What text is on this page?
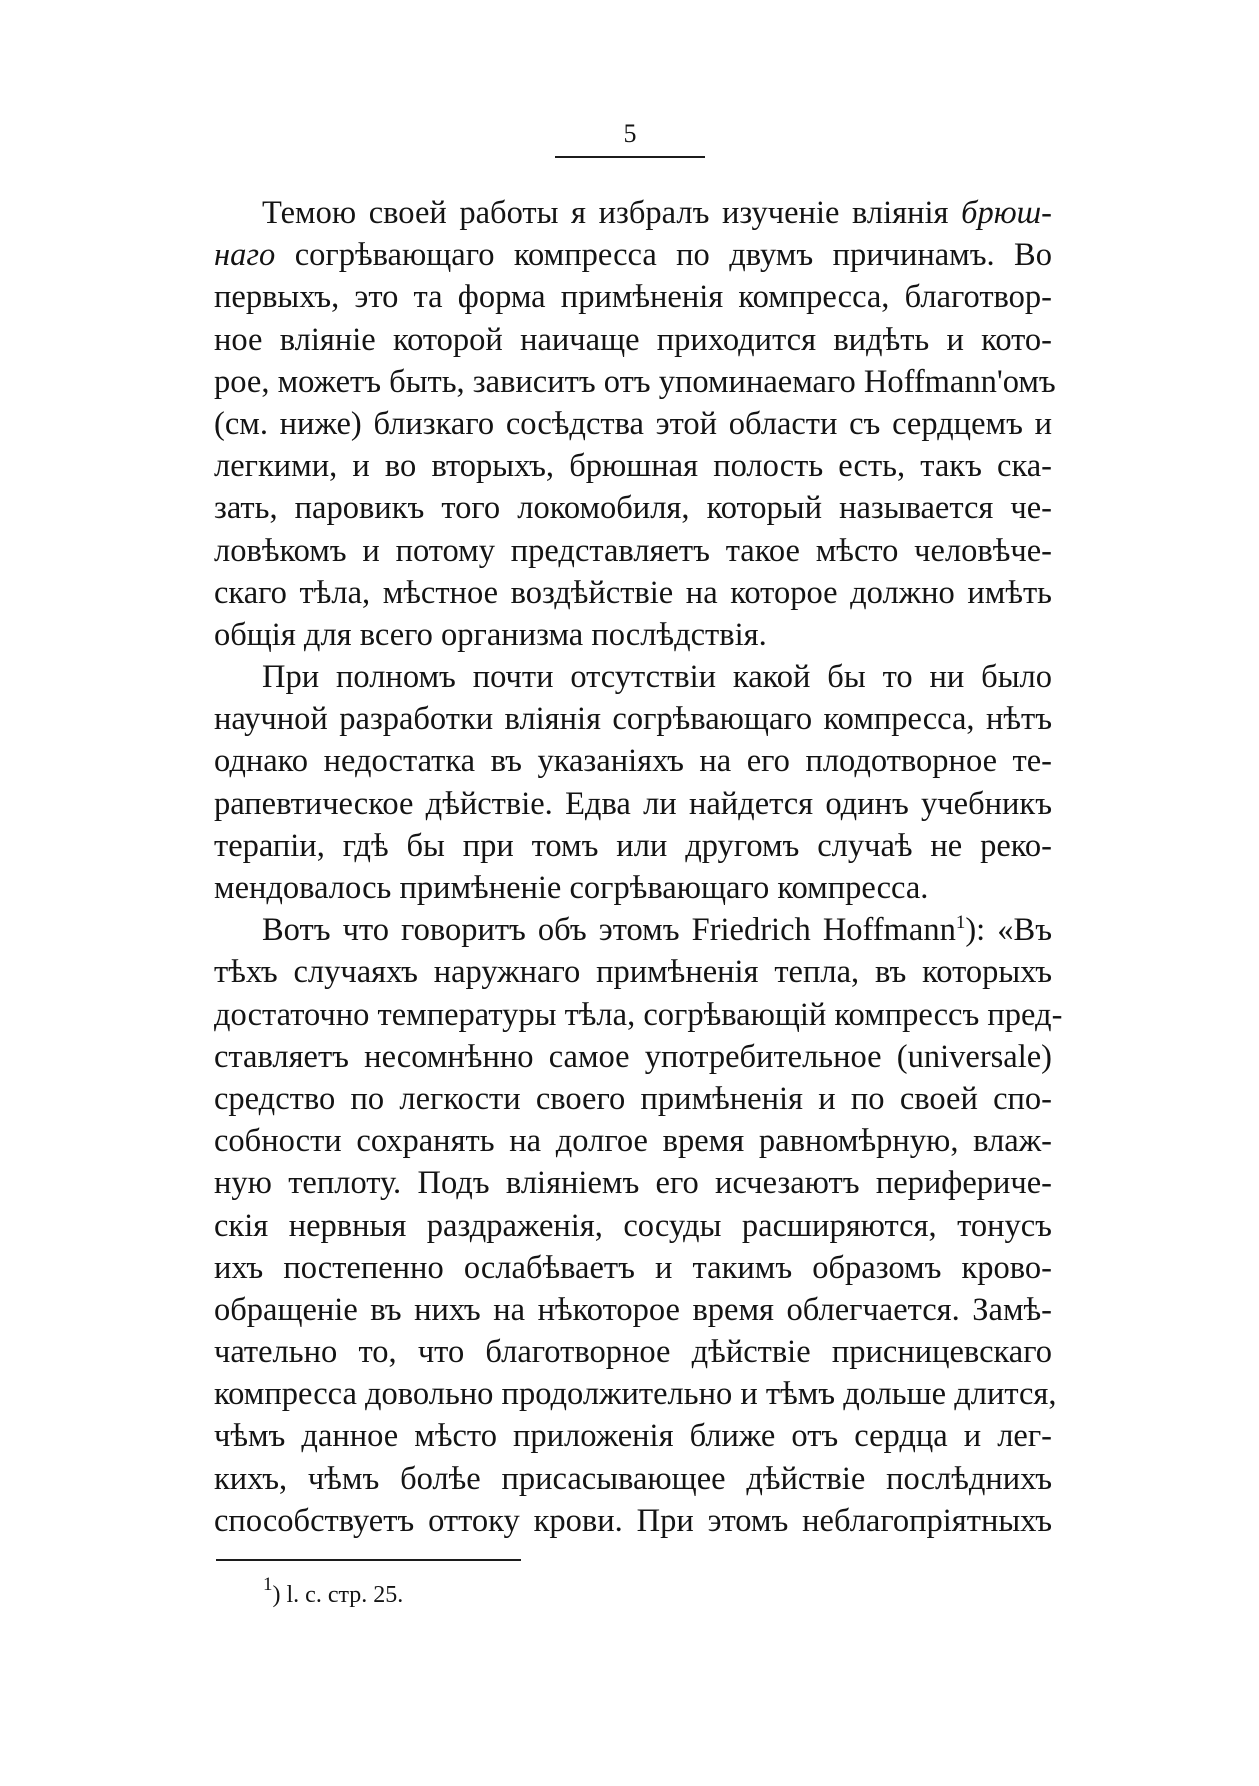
5
Темою своей работы я избралъ изученіе вліянія брюш-
нагo согрѣвающаго компресса по двумъ причинамъ. Во
первыхъ, это та форма примѣненія компресса, благотвор-
ное вліяніе которой наичаще приходится видѣть и кото-
рое, можетъ быть, зависитъ отъ упоминаемаго Hoffmann'омъ
(см. ниже) близкаго сосѣдства этой области съ сердцемъ и
легкими, и во вторыхъ, брюшная полость есть, такъ ска-
зать, паровикъ того локомобиля, который называется че-
ловѣкомъ и потому представляетъ такое мѣсто человѣче-
скаго тѣла, мѣстное воздѣйствіе на которое должно имѣть
общія для всего организма послѣдствія.
При полномъ почти отсутствіи какой бы то ни было
научной разработки вліянія согрѣвающаго компресса, нѣтъ
однако недостатка въ указаніяхъ на его плодотворное те-
рапевтическое дѣйствіе. Едва ли найдется одинъ учебникъ
терапіи, гдѣ бы при томъ или другомъ случаѣ не реко-
мендовалось примѣненіе согрѣвающаго компресса.
Вотъ что говоритъ объ этомъ Friedrich Hoffmann$^1$): «Въ
тѣхъ случаяхъ наружнаго примѣненія тепла, въ которыхъ
достаточно температуры тѣла, согрѣвающій компрессъ пред-
ставляетъ несомнѣнно самое употребительное (universale)
средство по легкости своего примѣненія и по своей спо-
собности сохранять на долгое время равномѣрную, влаж-
ную теплоту. Подъ вліяніемъ его исчезаютъ перифериче-
скія нервныя раздраженія, сосуды расширяются, тонусъ
ихъ постепенно ослабѣваетъ и такимъ образомъ крово-
обращеніе въ нихъ на нѣкоторое время облегчается. Замѣ-
чательно то, что благотворное дѣйствіе присницевскаго
компресса довольно продолжительно и тѣмъ дольше длится,
чѣмъ данное мѣсто приложенія ближе отъ сердца и лег-
кихъ, чѣмъ болѣе присасывающее дѣйствіе послѣднихъ
способствуетъ оттоку крови. При этомъ неблагопріятныхъ
$^1$) l. c. стр. 25.
